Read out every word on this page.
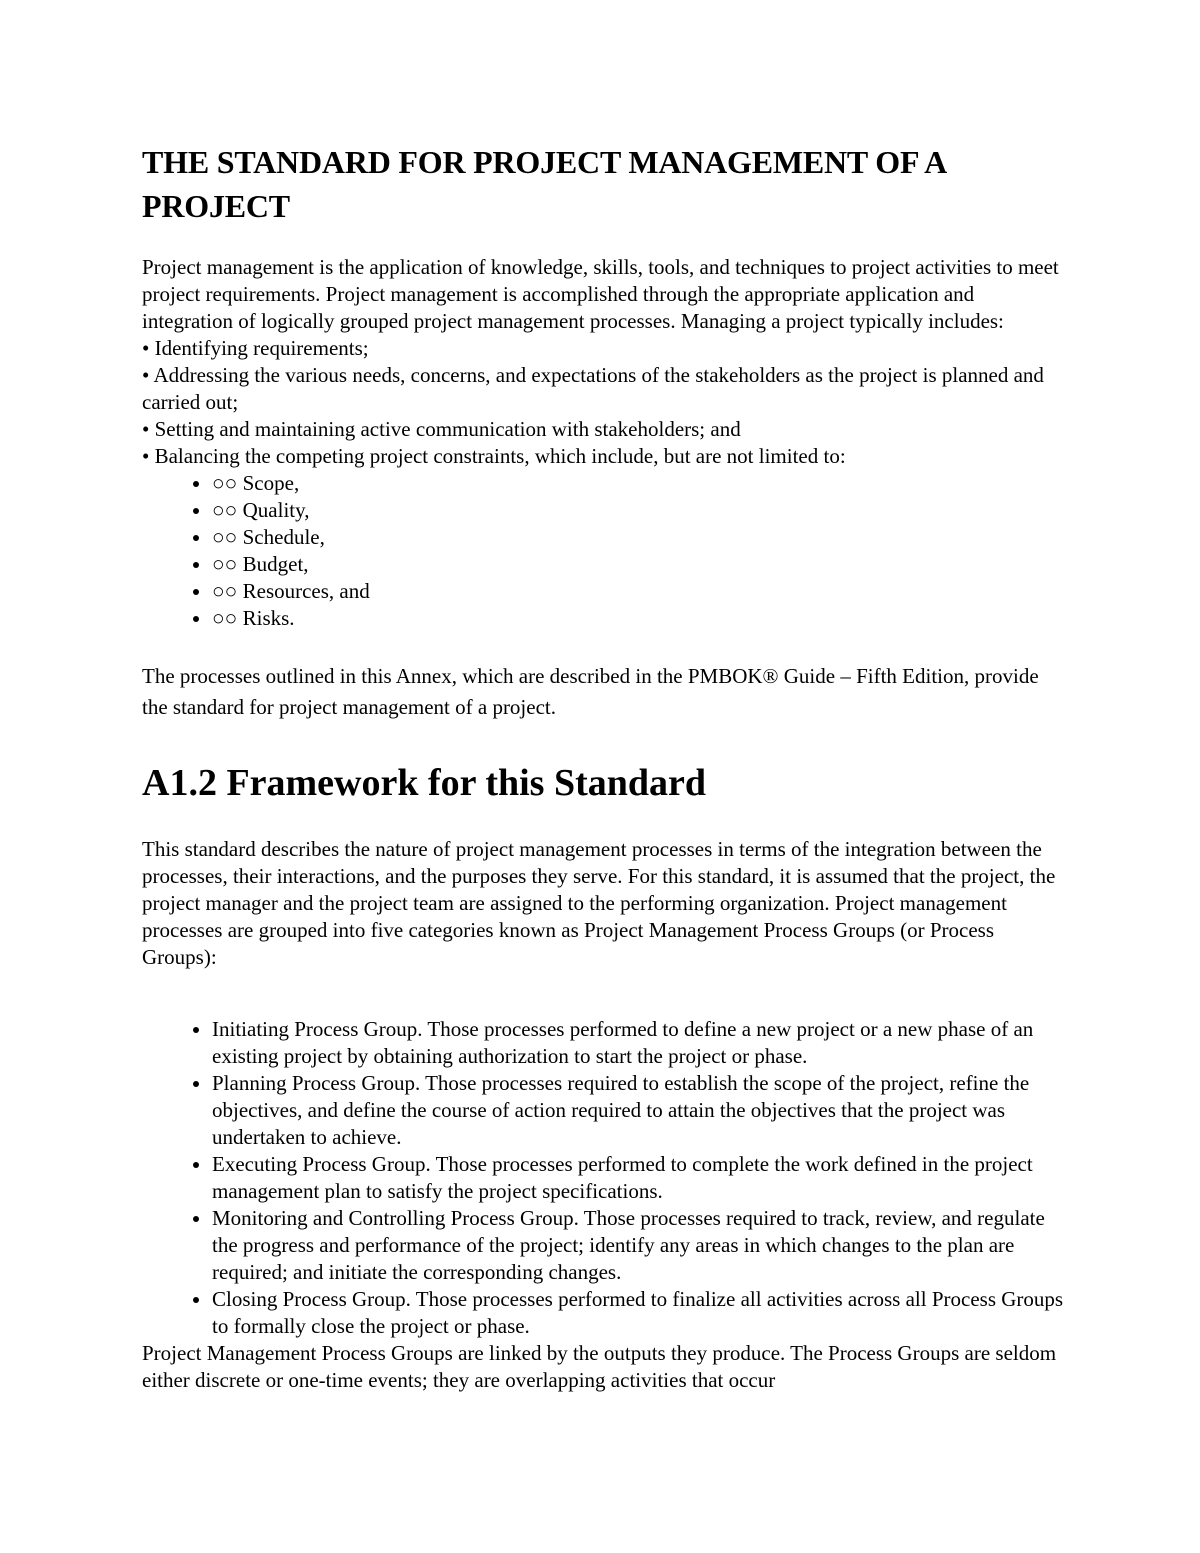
THE STANDARD FOR PROJECT MANAGEMENT OF A
PROJECT

Project management is the application of knowledge, skills, tools, and techniques to project activities to meet project requirements. Project management is accomplished through the appropriate application and integration of logically grouped project management processes. Managing a project typically includes:

• Identifying requirements;
• Addressing the various needs, concerns, and expectations of the stakeholders as the project is planned and carried out;
• Setting and maintaining active communication with stakeholders; and
• Balancing the competing project constraints, which include, but are not limited to:
• ○○ Scope,
• ○○ Quality,
• ○○ Schedule,
• ○○ Budget,
• ○○ Resources, and
• ○○ Risks.

The processes outlined in this Annex, which are described in the PMBOK® Guide – Fifth Edition, provide the standard for project management of a project.

A1.2 Framework for this Standard

This standard describes the nature of project management processes in terms of the integration between the processes, their interactions, and the purposes they serve. For this standard, it is assumed that the project, the project manager and the project team are assigned to the performing organization. Project management processes are grouped into five categories known as Project Management Process Groups (or Process Groups):

• Initiating Process Group. Those processes performed to define a new project or a new phase of an existing project by obtaining authorization to start the project or phase.
• Planning Process Group. Those processes required to establish the scope of the project, refine the objectives, and define the course of action required to attain the objectives that the project was undertaken to achieve.
• Executing Process Group. Those processes performed to complete the work defined in the project management plan to satisfy the project specifications.
• Monitoring and Controlling Process Group. Those processes required to track, review, and regulate the progress and performance of the project; identify any areas in which changes to the plan are required; and initiate the corresponding changes.
• Closing Process Group. Those processes performed to finalize all activities across all Process Groups to formally close the project or phase.

Project Management Process Groups are linked by the outputs they produce. The Process Groups are seldom either discrete or one-time events; they are overlapping activities that occur
